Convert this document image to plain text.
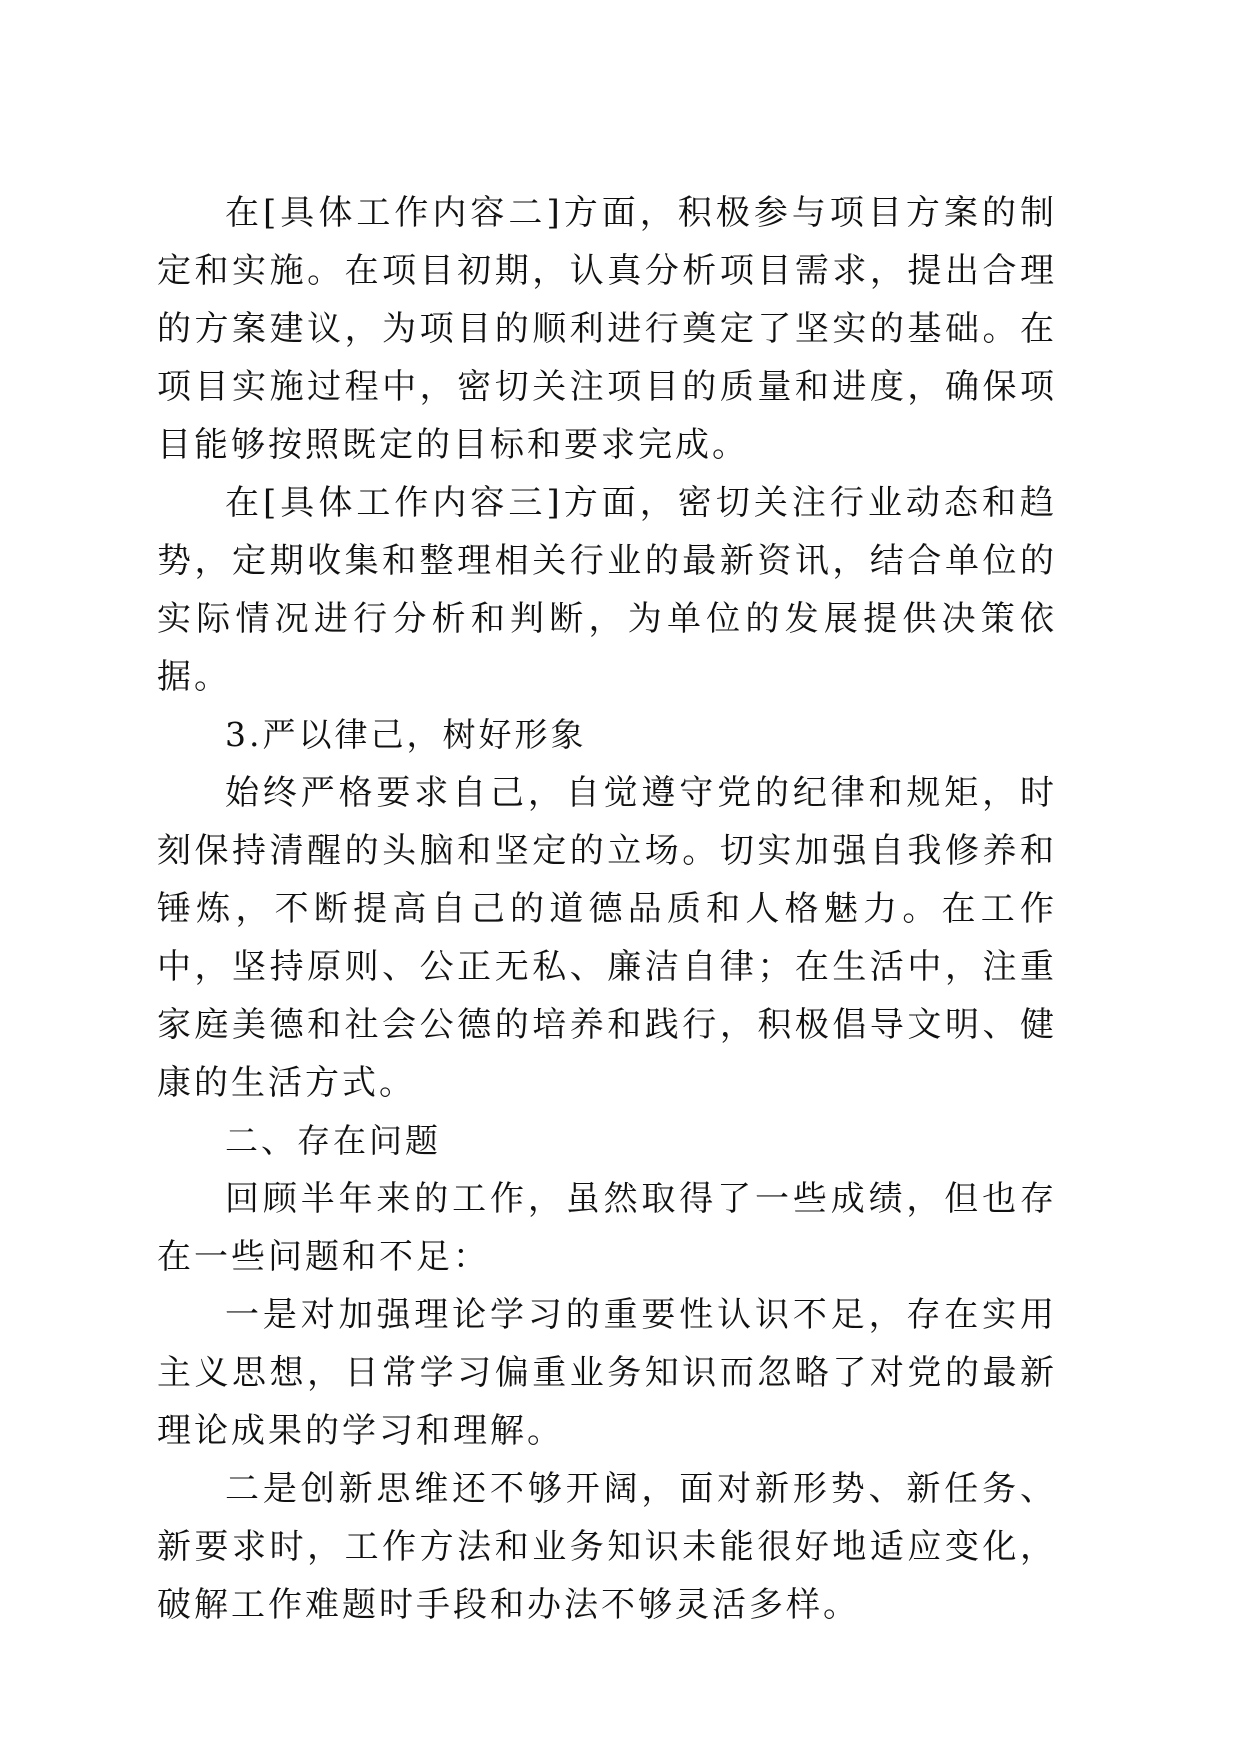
在[具体工作内容二]方面，积极参与项目方案的制定和实施。在项目初期，认真分析项目需求，提出合理的方案建议，为项目的顺利进行奠定了坚实的基础。在项目实施过程中，密切关注项目的质量和进度，确保项目能够按照既定的目标和要求完成。

在[具体工作内容三]方面，密切关注行业动态和趋势，定期收集和整理相关行业的最新资讯，结合单位的实际情况进行分析和判断，为单位的发展提供决策依据。

3.严以律己，树好形象

始终严格要求自己，自觉遵守党的纪律和规矩，时刻保持清醒的头脑和坚定的立场。切实加强自我修养和锤炼，不断提高自己的道德品质和人格魅力。在工作中，坚持原则、公正无私、廉洁自律；在生活中，注重家庭美德和社会公德的培养和践行，积极倡导文明、健康的生活方式。

二、存在问题

回顾半年来的工作，虽然取得了一些成绩，但也存在一些问题和不足：

一是对加强理论学习的重要性认识不足，存在实用主义思想，日常学习偏重业务知识而忽略了对党的最新理论成果的学习和理解。

二是创新思维还不够开阔，面对新形势、新任务、新要求时，工作方法和业务知识未能很好地适应变化，破解工作难题时手段和办法不够灵活多样。
